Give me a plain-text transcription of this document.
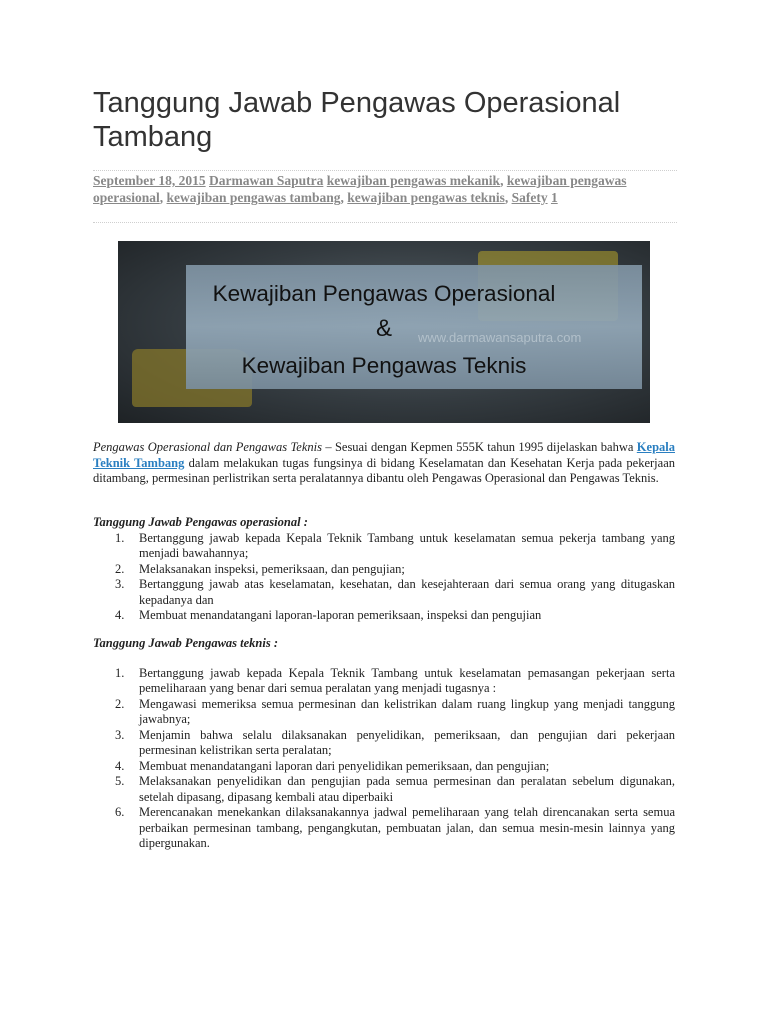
Tanggung Jawab Pengawas Operasional Tambang
September 18, 2015 Darmawan Saputra kewajiban pengawas mekanik, kewajiban pengawas operasional, kewajiban pengawas tambang, kewajiban pengawas teknis, Safety 1
Kewajiban Pengawas Operasional
&	www.darmawansaputra.com
Kewajiban Pengawas Teknis
Pengawas Operasional dan Pengawas Teknis – Sesuai dengan Kepmen 555K tahun 1995 dijelaskan bahwa Kepala Teknik Tambang dalam melakukan tugas fungsinya di bidang Keselamatan dan Kesehatan Kerja pada pekerjaan ditambang, permesinan perlistrikan serta peralatannya dibantu oleh Pengawas Operasional dan Pengawas Teknis.
Tanggung Jawab Pengawas operasional :
1. Bertanggung jawab kepada Kepala Teknik Tambang untuk keselamatan semua pekerja tambang yang menjadi bawahannya;
2. Melaksanakan inspeksi, pemeriksaan, dan pengujian;
3. Bertanggung jawab atas keselamatan, kesehatan, dan kesejahteraan dari semua orang yang ditugaskan kepadanya dan
4. Membuat menandatangani laporan-laporan pemeriksaan, inspeksi dan pengujian
Tanggung Jawab Pengawas teknis :
1. Bertanggung jawab kepada Kepala Teknik Tambang untuk keselamatan pemasangan pekerjaan serta pemeliharaan yang benar dari semua peralatan yang menjadi tugasnya :
2. Mengawasi memeriksa semua permesinan dan kelistrikan dalam ruang lingkup yang menjadi tanggung jawabnya;
3. Menjamin bahwa selalu dilaksanakan penyelidikan, pemeriksaan, dan pengujian dari pekerjaan permesinan kelistrikan serta peralatan;
4. Membuat menandatangani laporan dari penyelidikan pemeriksaan, dan pengujian;
5. Melaksanakan penyelidikan dan pengujian pada semua permesinan dan peralatan sebelum digunakan, setelah dipasang, dipasang kembali atau diperbaiki
6. Merencanakan menekankan dilaksanakannya jadwal pemeliharaan yang telah direncanakan serta semua perbaikan permesinan tambang, pengangkutan, pembuatan jalan, dan semua mesin-mesin lainnya yang dipergunakan.
